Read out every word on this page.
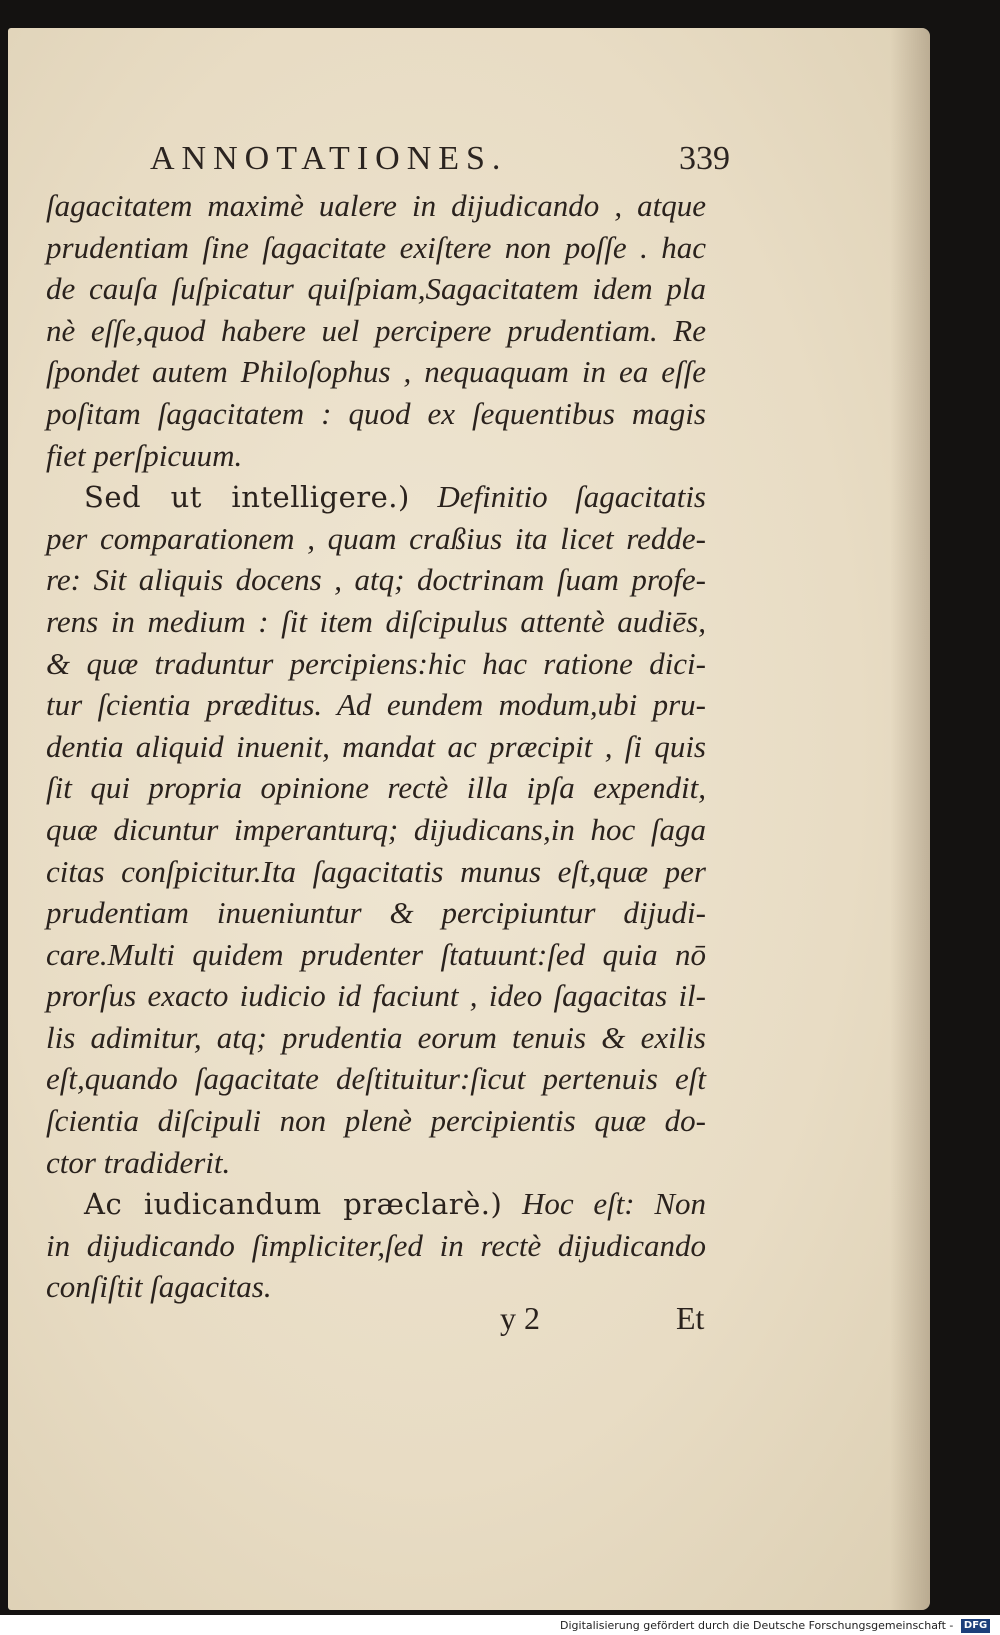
ANNOTATIONES.	339
ſagacitatem maximè ualere in dijudicando , atque
prudentiam ſine ſagacitate exiſtere non poſſe . hac
de cauſa ſuſpicatur quiſpiam,Sagacitatem idem pla
nè eſſe,quod habere uel percipere prudentiam. Re
ſpondet autem Philoſophus , nequaquam in ea eſſe
poſitam ſagacitatem : quod ex ſequentibus magis
fiet perſpicuum.
Sed ut intelligere.) Definitio ſagacitatis
per comparationem , quam craßius ita licet redde-
re: Sit aliquis docens , atq; doctrinam ſuam profe-
rens in medium : ſit item diſcipulus attentè audiēs,
& quæ traduntur percipiens:hic hac ratione dici-
tur ſcientia præditus. Ad eundem modum,ubi pru-
dentia aliquid inuenit, mandat ac præcipit , ſi quis
ſit qui propria opinione rectè illa ipſa expendit,
quæ dicuntur imperanturq; dijudicans,in hoc ſaga
citas conſpicitur.Ita ſagacitatis munus eſt,quæ per
prudentiam inueniuntur & percipiuntur dijudi-
care.Multi quidem prudenter ſtatuunt:ſed quia nō
prorſus exacto iudicio id faciunt , ideo ſagacitas il-
lis adimitur, atq; prudentia eorum tenuis & exilis
eſt,quando ſagacitate deſtituitur:ſicut pertenuis eſt
ſcientia diſcipuli non plenè percipientis quæ do-
ctor tradiderit.
Ac iudicandum præclarè.) Hoc eſt: Non
in dijudicando ſimpliciter,ſed in rectè dijudicando
conſiſtit ſagacitas.
y 2	Et
Digitalisierung gefördert durch die Deutsche Forschungsgemeinschaft - DFG
